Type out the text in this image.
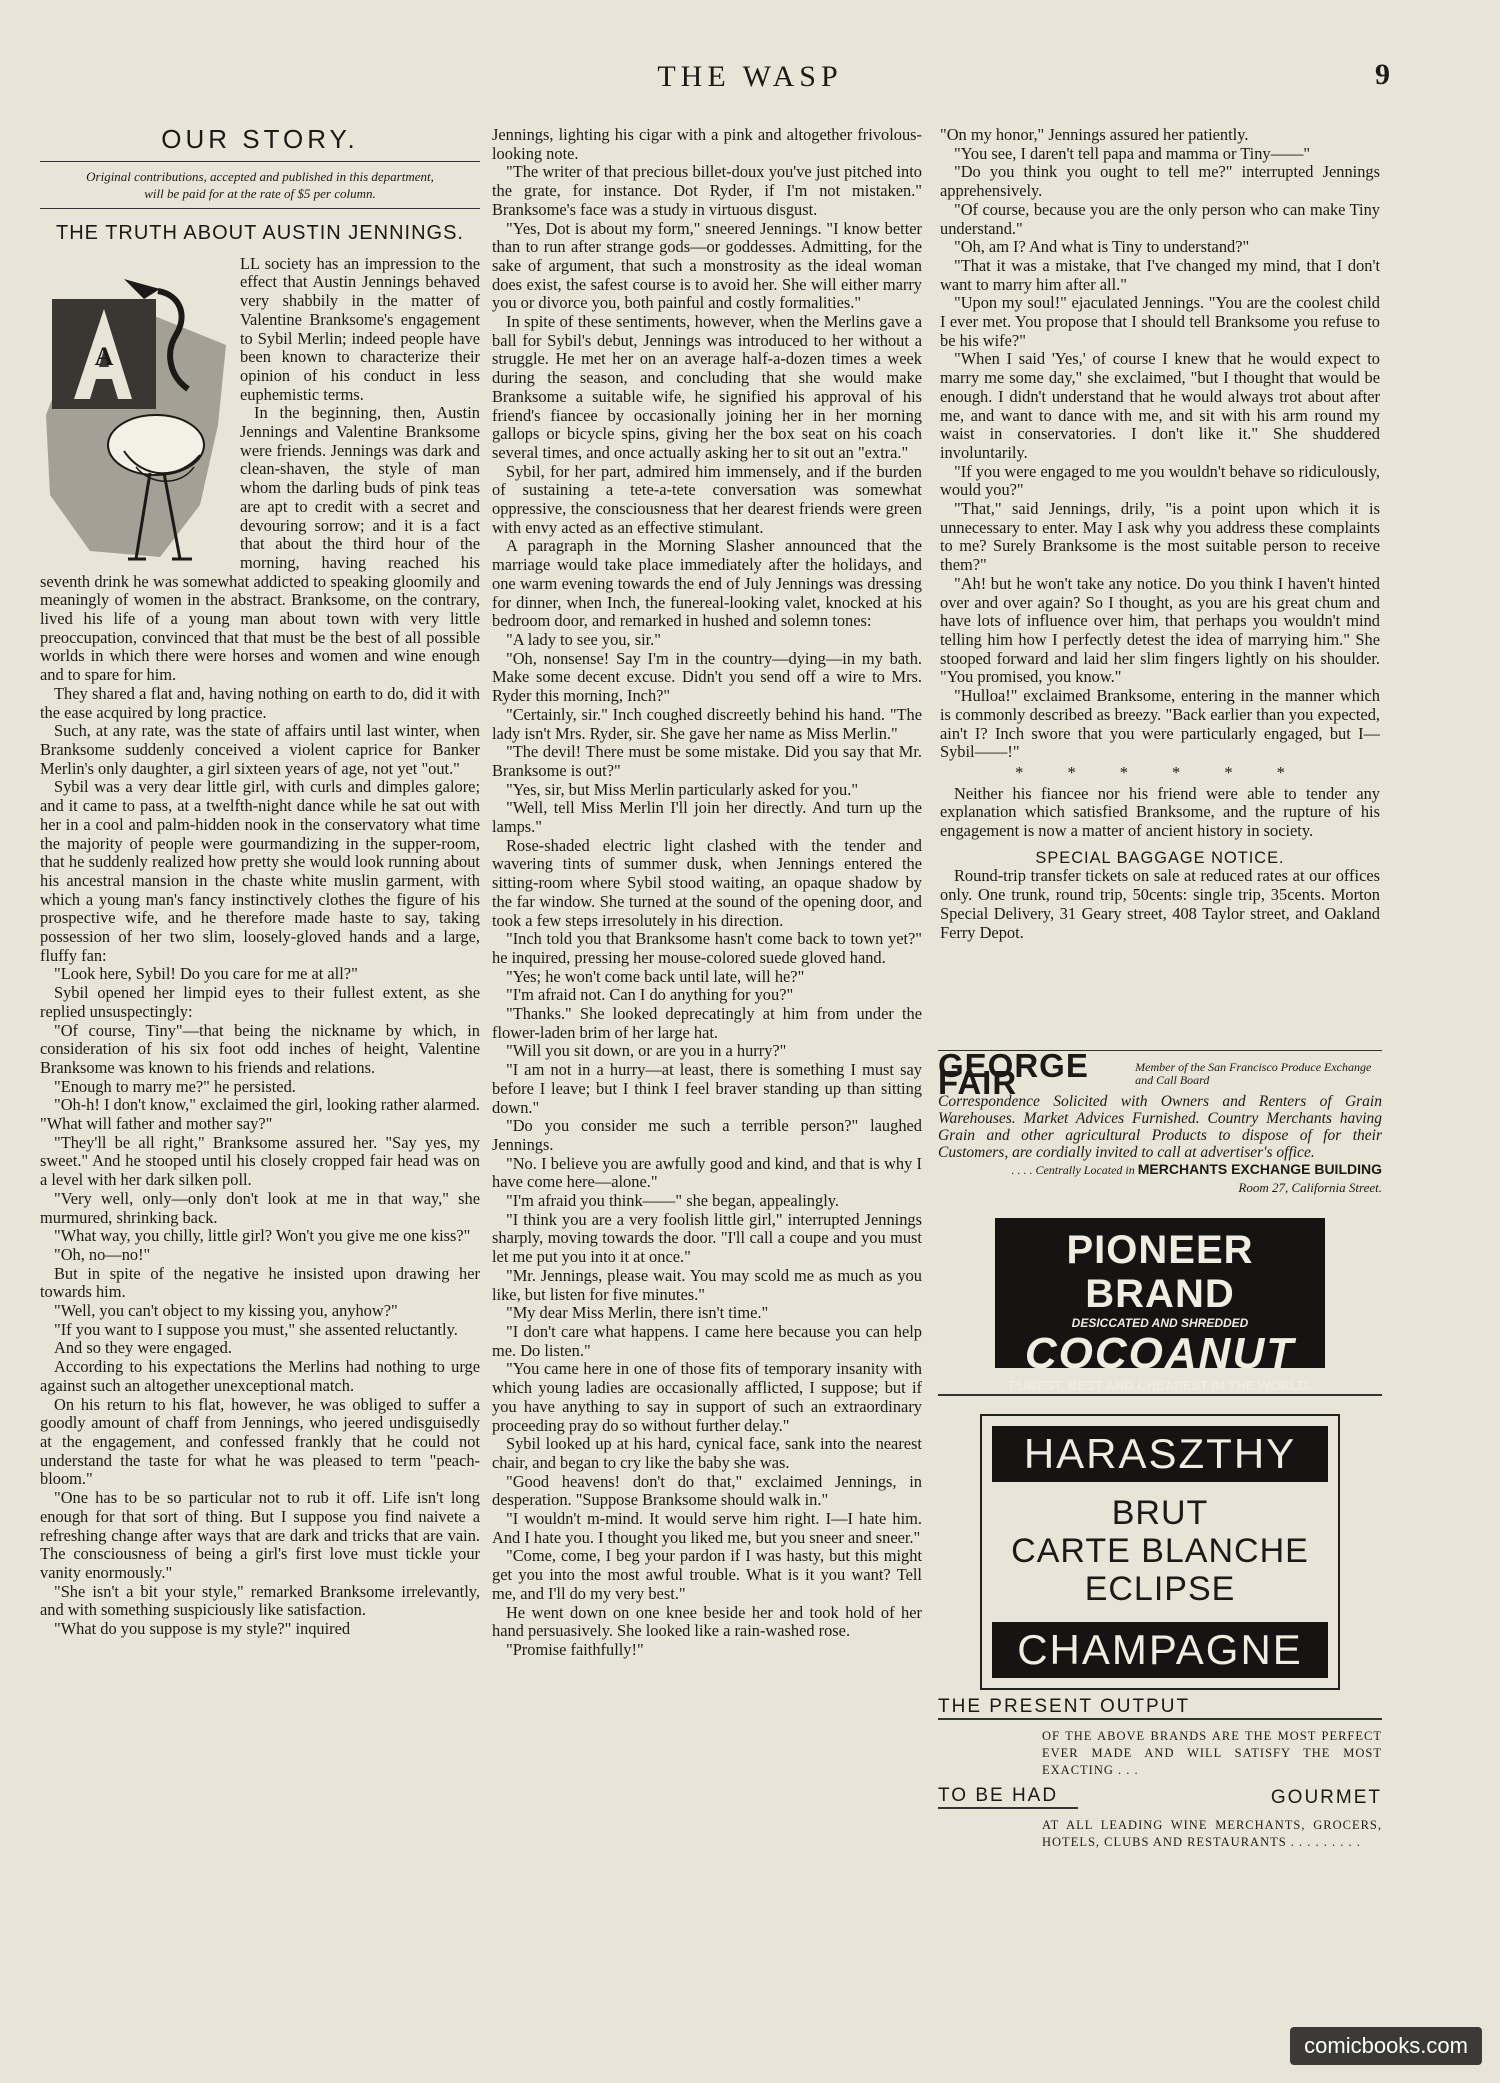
THE WASP	9
OUR STORY.
Original contributions, accepted and published in this department,
will be paid for at the rate of $5 per column.
THE TRUTH ABOUT AUSTIN JENNINGS.
A

LL society has an impression to the effect that Austin Jennings behaved very shabbily in the matter of Valentine Branksome's engagement to Sybil Merlin; indeed people have been known to characterize their opinion of his conduct in less euphemistic terms.

In the beginning, then, Austin Jennings and Valentine Branksome were friends. Jennings was dark and clean-shaven, the style of man whom the darling buds of pink teas are apt to credit with a secret and devouring sorrow; and it is a fact that about the third hour of the morning, having reached his seventh drink he was somewhat addicted to speaking gloomily and meaningly of women in the abstract. Branksome, on the contrary, lived his life of a young man about town with very little preoccupation, convinced that that must be the best of all possible worlds in which there were horses and women and wine enough and to spare for him.

They shared a flat and, having nothing on earth to do, did it with the ease acquired by long practice.

Such, at any rate, was the state of affairs until last winter, when Branksome suddenly conceived a violent caprice for Banker Merlin's only daughter, a girl sixteen years of age, not yet "out."

Sybil was a very dear little girl, with curls and dimples galore; and it came to pass, at a twelfth-night dance while he sat out with her in a cool and palm-hidden nook in the conservatory what time the majority of people were gourmandizing in the supper-room, that he suddenly realized how pretty she would look running about his ancestral mansion in the chaste white muslin garment, with which a young man's fancy instinctively clothes the figure of his prospective wife, and he therefore made haste to say, taking possession of her two slim, loosely-gloved hands and a large, fluffy fan:

"Look here, Sybil! Do you care for me at all?"

Sybil opened her limpid eyes to their fullest extent, as she replied unsuspectingly:

"Of course, Tiny"—that being the nickname by which, in consideration of his six foot odd inches of height, Valentine Branksome was known to his friends and relations.

"Enough to marry me?" he persisted.

"Oh-h! I don't know," exclaimed the girl, looking rather alarmed. "What will father and mother say?"

"They'll be all right," Branksome assured her. "Say yes, my sweet." And he stooped until his closely cropped fair head was on a level with her dark silken poll.

"Very well, only—only don't look at me in that way," she murmured, shrinking back.

"What way, you chilly, little girl? Won't you give me one kiss?"

"Oh, no—no!"

But in spite of the negative he insisted upon drawing her towards him.

"Well, you can't object to my kissing you, anyhow?"

"If you want to I suppose you must," she assented reluctantly.

And so they were engaged.

According to his expectations the Merlins had nothing to urge against such an altogether unexceptional match.

On his return to his flat, however, he was obliged to suffer a goodly amount of chaff from Jennings, who jeered undisguisedly at the engagement, and confessed frankly that he could not understand the taste for what he was pleased to term "peach-bloom."

"One has to be so particular not to rub it off. Life isn't long enough for that sort of thing. But I suppose you find naivete a refreshing change after ways that are dark and tricks that are vain. The consciousness of being a girl's first love must tickle your vanity enormously."

"She isn't a bit your style," remarked Branksome irrelevantly, and with something suspiciously like satisfaction.

"What do you suppose is my style?" inquired

Jennings, lighting his cigar with a pink and altogether frivolous-looking note.

"The writer of that precious billet-doux you've just pitched into the grate, for instance. Dot Ryder, if I'm not mistaken." Branksome's face was a study in virtuous disgust.

"Yes, Dot is about my form," sneered Jennings. "I know better than to run after strange gods—or goddesses. Admitting, for the sake of argument, that such a monstrosity as the ideal woman does exist, the safest course is to avoid her. She will either marry you or divorce you, both painful and costly formalities."

In spite of these sentiments, however, when the Merlins gave a ball for Sybil's debut, Jennings was introduced to her without a struggle. He met her on an average half-a-dozen times a week during the season, and concluding that she would make Branksome a suitable wife, he signified his approval of his friend's fiancee by occasionally joining her in her morning gallops or bicycle spins, giving her the box seat on his coach several times, and once actually asking her to sit out an "extra."

Sybil, for her part, admired him immensely, and if the burden of sustaining a tete-a-tete conversation was somewhat oppressive, the consciousness that her dearest friends were green with envy acted as an effective stimulant.

A paragraph in the Morning Slasher announced that the marriage would take place immediately after the holidays, and one warm evening towards the end of July Jennings was dressing for dinner, when Inch, the funereal-looking valet, knocked at his bedroom door, and remarked in hushed and solemn tones:

"A lady to see you, sir."

"Oh, nonsense! Say I'm in the country—dying—in my bath. Make some decent excuse. Didn't you send off a wire to Mrs. Ryder this morning, Inch?"

"Certainly, sir." Inch coughed discreetly behind his hand. "The lady isn't Mrs. Ryder, sir. She gave her name as Miss Merlin."

"The devil! There must be some mistake. Did you say that Mr. Branksome is out?"

"Yes, sir, but Miss Merlin particularly asked for you."

"Well, tell Miss Merlin I'll join her directly. And turn up the lamps."

Rose-shaded electric light clashed with the tender and wavering tints of summer dusk, when Jennings entered the sitting-room where Sybil stood waiting, an opaque shadow by the far window. She turned at the sound of the opening door, and took a few steps irresolutely in his direction.

"Inch told you that Branksome hasn't come back to town yet?" he inquired, pressing her mouse-colored suede gloved hand.

"Yes; he won't come back until late, will he?"

"I'm afraid not. Can I do anything for you?"

"Thanks." She looked deprecatingly at him from under the flower-laden brim of her large hat.

"Will you sit down, or are you in a hurry?"

"I am not in a hurry—at least, there is something I must say before I leave; but I think I feel braver standing up than sitting down."

"Do you consider me such a terrible person?" laughed Jennings.

"No. I believe you are awfully good and kind, and that is why I have come here—alone."

"I'm afraid you think——" she began, appealingly.

"I think you are a very foolish little girl," interrupted Jennings sharply, moving towards the door. "I'll call a coupe and you must let me put you into it at once."

"Mr. Jennings, please wait. You may scold me as much as you like, but listen for five minutes."

"My dear Miss Merlin, there isn't time."

"I don't care what happens. I came here because you can help me. Do listen."

"You came here in one of those fits of temporary insanity with which young ladies are occasionally afflicted, I suppose; but if you have anything to say in support of such an extraordinary proceeding pray do so without further delay."

Sybil looked up at his hard, cynical face, sank into the nearest chair, and began to cry like the baby she was.

"Good heavens! don't do that," exclaimed Jennings, in desperation. "Suppose Branksome should walk in."

"I wouldn't m-mind. It would serve him right. I—I hate him. And I hate you. I thought you liked me, but you sneer and sneer."

"Come, come, I beg your pardon if I was hasty, but this might get you into the most awful trouble. What is it you want? Tell me, and I'll do my very best."

He went down on one knee beside her and took hold of her hand persuasively. She looked like a rain-washed rose.

"Promise faithfully!"

"On my honor," Jennings assured her patiently.

"You see, I daren't tell papa and mamma or Tiny——"

"Do you think you ought to tell me?" interrupted Jennings apprehensively.

"Of course, because you are the only person who can make Tiny understand."

"Oh, am I? And what is Tiny to understand?"

"That it was a mistake, that I've changed my mind, that I don't want to marry him after all."

"Upon my soul!" ejaculated Jennings. "You are the coolest child I ever met. You propose that I should tell Branksome you refuse to be his wife?"

"When I said 'Yes,' of course I knew that he would expect to marry me some day," she exclaimed, "but I thought that would be enough. I didn't understand that he would always trot about after me, and want to dance with me, and sit with his arm round my waist in conservatories. I don't like it." She shuddered involuntarily.

"If you were engaged to me you wouldn't behave so ridiculously, would you?"

"That," said Jennings, drily, "is a point upon which it is unnecessary to enter. May I ask why you address these complaints to me? Surely Branksome is the most suitable person to receive them?"

"Ah! but he won't take any notice. Do you think I haven't hinted over and over again? So I thought, as you are his great chum and have lots of influence over him, that perhaps you wouldn't mind telling him how I perfectly detest the idea of marrying him." She stooped forward and laid her slim fingers lightly on his shoulder. "You promised, you know."

"Hulloa!" exclaimed Branksome, entering in the manner which is commonly described as breezy. "Back earlier than you expected, ain't I? Inch swore that you were particularly engaged, but I—Sybil——!"

* * * * * *

Neither his fiancee nor his friend were able to tender any explanation which satisfied Branksome, and the rupture of his engagement is now a matter of ancient history in society.

SPECIAL BAGGAGE NOTICE.

Round-trip transfer tickets on sale at reduced rates at our offices only. One trunk, round trip, 50cents: single trip, 35cents. Morton Special Delivery, 31 Geary street, 408 Taylor street, and Oakland Ferry Depot.

GEORGE FAIR	Member of the San Francisco Produce Exchange and Call Board
Correspondence Solicited with Owners and Renters of Grain Warehouses. Market Advices Furnished. Country Merchants having Grain and other agricultural Products to dispose of for their Customers, are cordially invited to call at advertiser's office.
. . . . Centrally Located in MERCHANTS EXCHANGE BUILDING
Room 27, California Street.
PIONEER BRAND
DESICCATED AND SHREDDED
COCOANUT
PUREST, BEST AND CHEAPEST IN THE WORLD.
HARASZTHY
BRUT
CARTE BLANCHE
ECLIPSE
CHAMPAGNE
THE PRESENT OUTPUT
OF THE ABOVE BRANDS ARE THE MOST PERFECT EVER MADE AND WILL SATISFY THE MOST EXACTING . . .
TO BE HAD	GOURMET
AT ALL LEADING WINE MERCHANTS, GROCERS, HOTELS, CLUBS AND RESTAURANTS . . . . . . . . .
comicbooks.com
